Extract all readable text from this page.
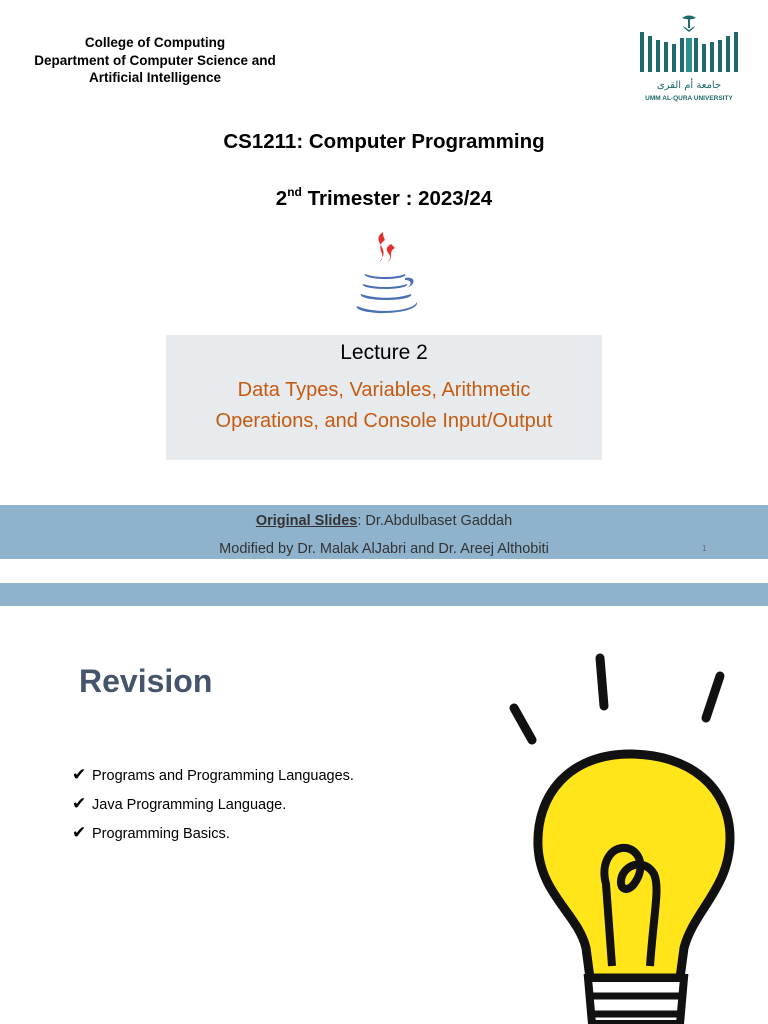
College of Computing
Department of Computer Science and
Artificial Intelligence
جامعة أم القرى
UMM AL-QURA UNIVERSITY
CS1211: Computer Programming
2nd Trimester : 2023/24
Lecture 2
Data Types, Variables, Arithmetic
Operations, and Console Input/Output
Original Slides: Dr.Abdulbaset Gaddah
Modified by Dr. Malak AlJabri and Dr. Areej Althobiti	1
Revision
✔ Programs and Programming Languages.
✔ Java Programming Language.
✔ Programming Basics.
